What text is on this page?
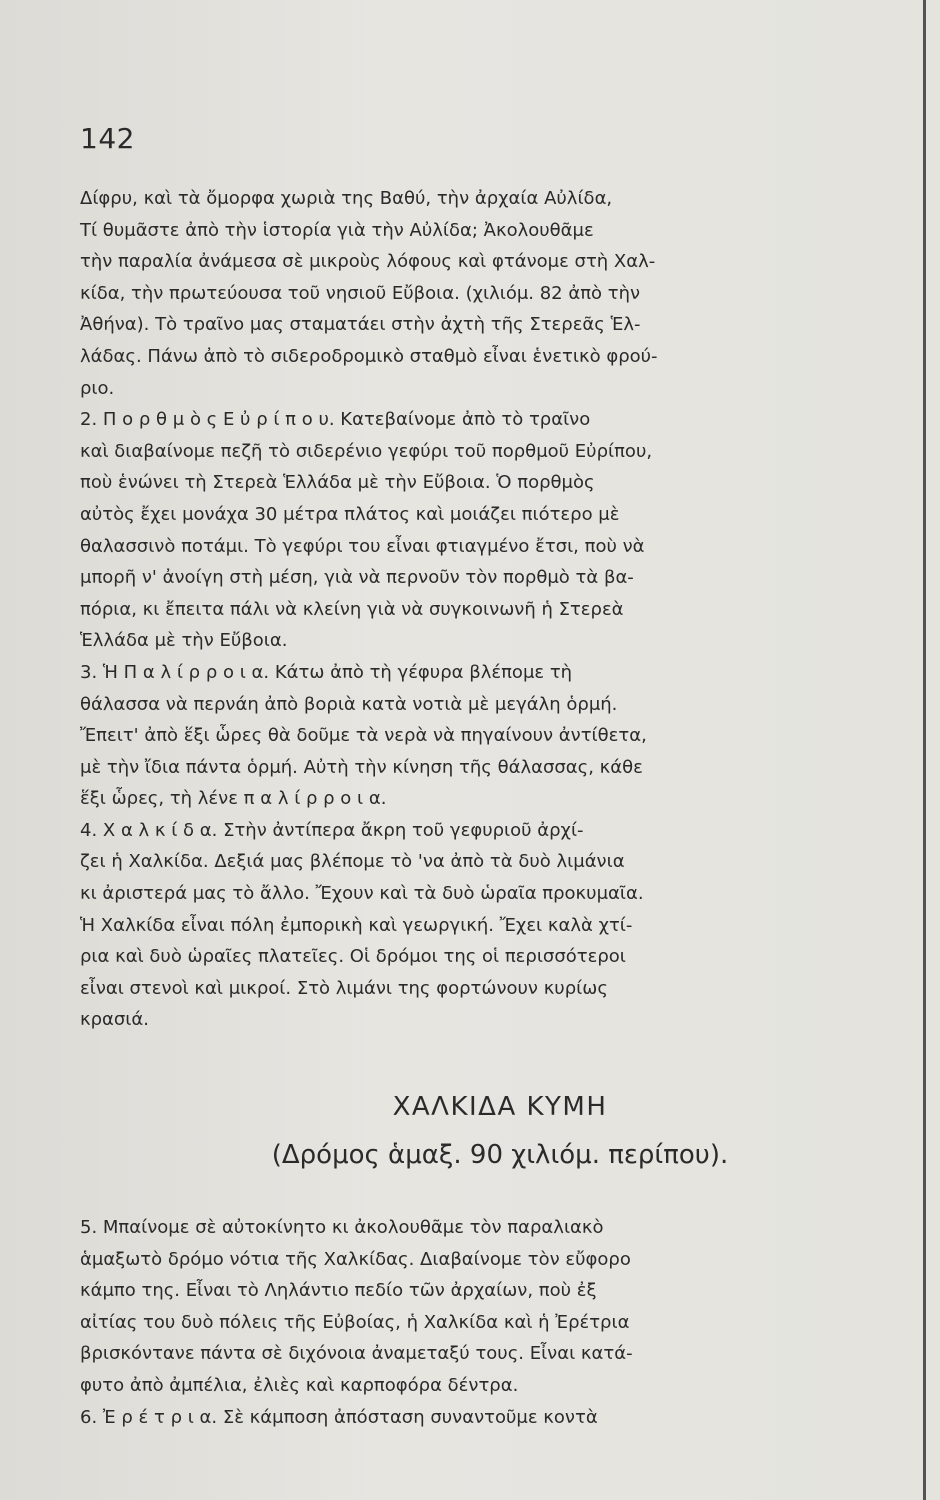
142
Δίφρυ, καὶ τὰ ὄμορφα χωριὰ της Βαθύ, τὴν ἀρχαία Αὐλίδα,
Τί θυμᾶστε ἀπὸ τὴν ἱστορία γιὰ τὴν Αὐλίδα; Ἀκολουθᾶμε
τὴν παραλία ἀνάμεσα σὲ μικροὺς λόφους καὶ φτάνομε στὴ Χαλ-
κίδα, τὴν πρωτεύουσα τοῦ νησιοῦ Εὔβοια. (χιλιόμ. 82 ἀπὸ τὴν
Ἀθήνα). Τὸ τραῖνο μας σταματάει στὴν ἀχτὴ τῆς Στερεᾶς Ἑλ-
λάδας. Πάνω ἀπὸ τὸ σιδεροδρομικὸ σταθμὸ εἶναι ἑνετικὸ φρού-
ριο.
2. Π ο ρ θ μ ὸ ς Ε ὐ ρ ί π ο υ. Κατεβαίνομε ἀπὸ τὸ τραῖνο
καὶ διαβαίνομε πεζῆ τὸ σιδερένιο γεφύρι τοῦ πορθμοῦ Εὐρίπου,
ποὺ ἑνώνει τὴ Στερεὰ Ἑλλάδα μὲ τὴν Εὔβοια. Ὁ πορθμὸς
αὐτὸς ἔχει μονάχα 30 μέτρα πλάτος καὶ μοιάζει πιότερο μὲ
θαλασσινὸ ποτάμι. Τὸ γεφύρι του εἶναι φτιαγμένο ἔτσι, ποὺ νὰ
μπορῆ ν' ἀνοίγη στὴ μέση, γιὰ νὰ περνοῦν τὸν πορθμὸ τὰ βα-
πόρια, κι ἔπειτα πάλι νὰ κλείνη γιὰ νὰ συγκοινωνῆ ἡ Στερεὰ
Ἑλλάδα μὲ τὴν Εὔβοια.
3. Ἡ Π α λ ί ρ ρ ο ι α. Κάτω ἀπὸ τὴ γέφυρα βλέπομε τὴ
θάλασσα νὰ περνάη ἀπὸ βοριὰ κατὰ νοτιὰ μὲ μεγάλη ὁρμή.
Ἔπειτ' ἀπὸ ἕξι ὧρες θὰ δοῦμε τὰ νερὰ νὰ πηγαίνουν ἀντίθετα,
μὲ τὴν ἴδια πάντα ὁρμή. Αὐτὴ τὴν κίνηση τῆς θάλασσας, κάθε
ἕξι ὧρες, τὴ λένε π α λ ί ρ ρ ο ι α.
4. Χ α λ κ ί δ α. Στὴν ἀντίπερα ἄκρη τοῦ γεφυριοῦ ἀρχί-
ζει ἡ Χαλκίδα. Δεξιά μας βλέπομε τὸ 'να ἀπὸ τὰ δυὸ λιμάνια
κι ἀριστερά μας τὸ ἄλλο. Ἔχουν καὶ τὰ δυὸ ὡραῖα προκυμαῖα.
Ἡ Χαλκίδα εἶναι πόλη ἐμπορικὴ καὶ γεωργική. Ἔχει καλὰ χτί-
ρια καὶ δυὸ ὡραῖες πλατεῖες. Οἱ δρόμοι της οἱ περισσότεροι
εἶναι στενοὶ καὶ μικροί. Στὸ λιμάνι της φορτώνουν κυρίως
κρασιά.
ΧΑΛΚΙΔΑ ΚΥΜΗ
(Δρόμος ἁμαξ. 90 χιλιόμ. περίπου).
5. Μπαίνομε σὲ αὐτοκίνητο κι ἀκολουθᾶμε τὸν παραλιακὸ
ἁμαξωτὸ δρόμο νότια τῆς Χαλκίδας. Διαβαίνομε τὸν εὔφορο
κάμπο της. Εἶναι τὸ Ληλάντιο πεδίο τῶν ἀρχαίων, ποὺ ἐξ
αἰτίας του δυὸ πόλεις τῆς Εὐβοίας, ἡ Χαλκίδα καὶ ἡ Ἐρέτρια
βρισκόντανε πάντα σὲ διχόνοια ἀναμεταξύ τους. Εἶναι κατά-
φυτο ἀπὸ ἀμπέλια, ἐλιὲς καὶ καρποφόρα δέντρα.
6. Ἐ ρ έ τ ρ ι α. Σὲ κάμποση ἀπόσταση συναντοῦμε κοντὰ
